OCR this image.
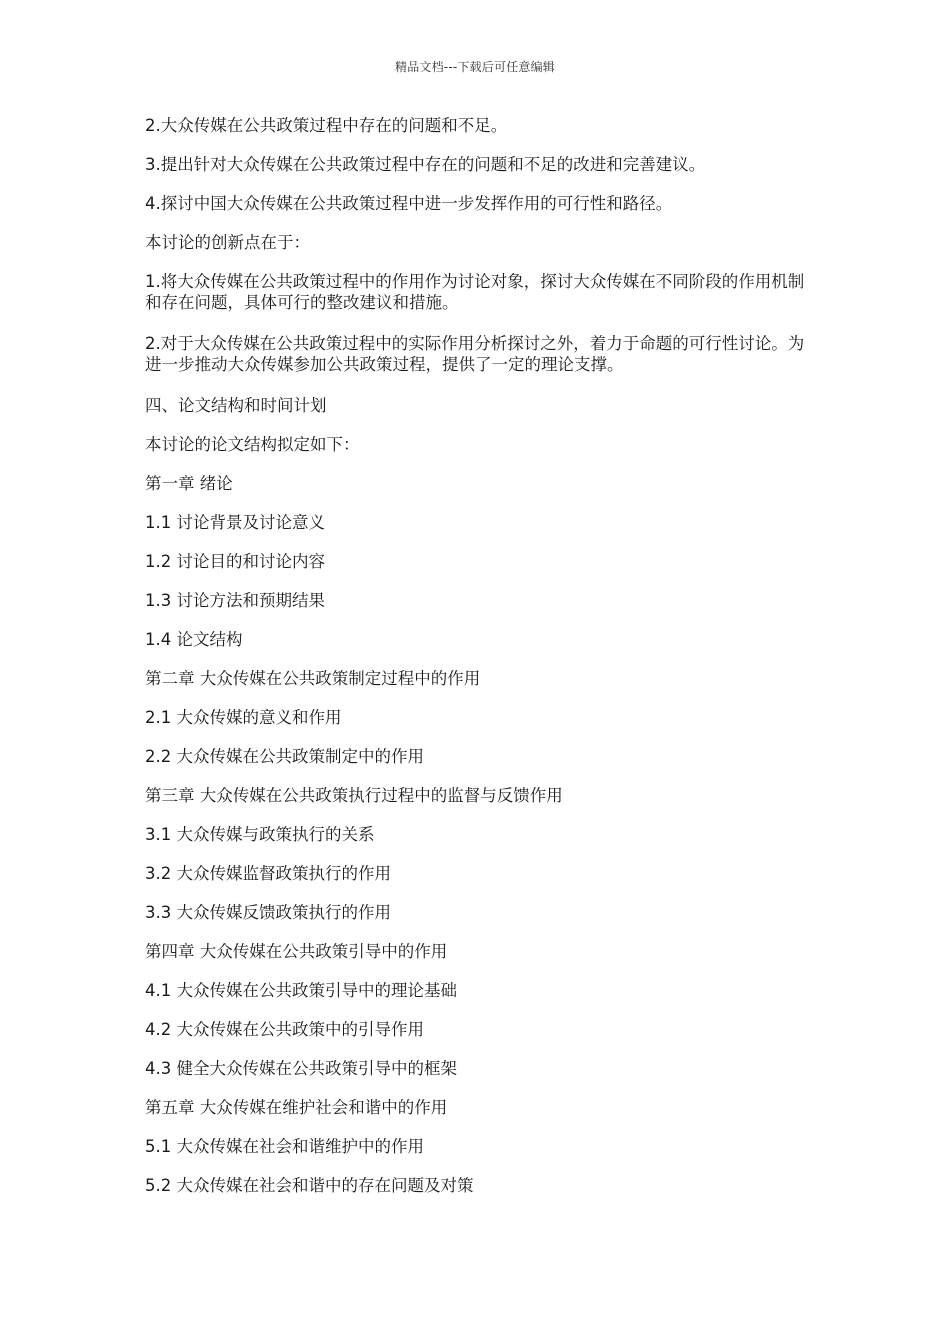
精品文档---下载后可任意编辑

2.大众传媒在公共政策过程中存在的问题和不足。

3.提出针对大众传媒在公共政策过程中存在的问题和不足的改进和完善建议。

4.探讨中国大众传媒在公共政策过程中进一步发挥作用的可行性和路径。

本讨论的创新点在于：

1.将大众传媒在公共政策过程中的作用作为讨论对象，探讨大众传媒在不同阶段的作用机制和存在问题，具体可行的整改建议和措施。

2.对于大众传媒在公共政策过程中的实际作用分析探讨之外，着力于命题的可行性讨论。为进一步推动大众传媒参加公共政策过程，提供了一定的理论支撑。

四、论文结构和时间计划

本讨论的论文结构拟定如下：

第一章 绪论

1.1 讨论背景及讨论意义

1.2 讨论目的和讨论内容

1.3 讨论方法和预期结果

1.4 论文结构

第二章 大众传媒在公共政策制定过程中的作用

2.1 大众传媒的意义和作用

2.2 大众传媒在公共政策制定中的作用

第三章 大众传媒在公共政策执行过程中的监督与反馈作用

3.1 大众传媒与政策执行的关系

3.2 大众传媒监督政策执行的作用

3.3 大众传媒反馈政策执行的作用

第四章 大众传媒在公共政策引导中的作用

4.1 大众传媒在公共政策引导中的理论基础

4.2 大众传媒在公共政策中的引导作用

4.3 健全大众传媒在公共政策引导中的框架

第五章 大众传媒在维护社会和谐中的作用

5.1 大众传媒在社会和谐维护中的作用

5.2 大众传媒在社会和谐中的存在问题及对策
